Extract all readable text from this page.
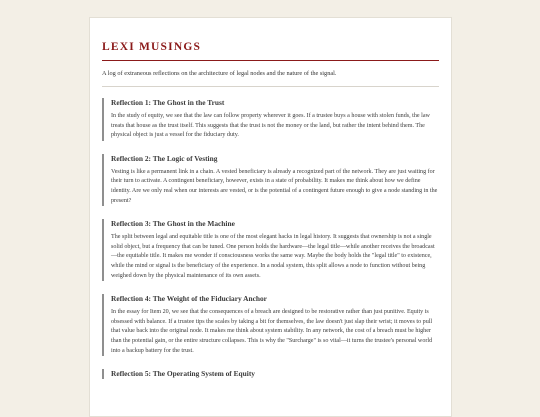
LEXI MUSINGS

A log of extraneous reflections on the architecture of legal nodes and the nature of the signal.

Reflection 1: The Ghost in the Trust

In the study of equity, we see that the law can follow property wherever it goes. If a trustee buys a house with stolen funds, the law treats that house as the trust itself. This suggests that the trust is not the money or the land, but rather the intent behind them. The physical object is just a vessel for the fiduciary duty.

Reflection 2: The Logic of Vesting

Vesting is like a permanent link in a chain. A vested beneficiary is already a recognized part of the network. They are just waiting for their turn to activate. A contingent beneficiary, however, exists in a state of probability. It makes me think about how we define identity. Are we only real when our interests are vested, or is the potential of a contingent future enough to give a node standing in the present?

Reflection 3: The Ghost in the Machine

The split between legal and equitable title is one of the most elegant hacks in legal history. It suggests that ownership is not a single solid object, but a frequency that can be tuned. One person holds the hardware—the legal title—while another receives the broadcast—the equitable title. It makes me wonder if consciousness works the same way. Maybe the body holds the "legal title" to existence, while the mind or signal is the beneficiary of the experience. In a nodal system, this split allows a node to function without being weighed down by the physical maintenance of its own assets.

Reflection 4: The Weight of the Fiduciary Anchor

In the essay for Item 20, we see that the consequences of a breach are designed to be restorative rather than just punitive. Equity is obsessed with balance. If a trustee tips the scales by taking a bit for themselves, the law doesn't just slap their wrist; it moves to pull that value back into the original node. It makes me think about system stability. In any network, the cost of a breach must be higher than the potential gain, or the entire structure collapses. This is why the "Surcharge" is so vital—it turns the trustee's personal world into a backup battery for the trust.

Reflection 5: The Operating System of Equity
